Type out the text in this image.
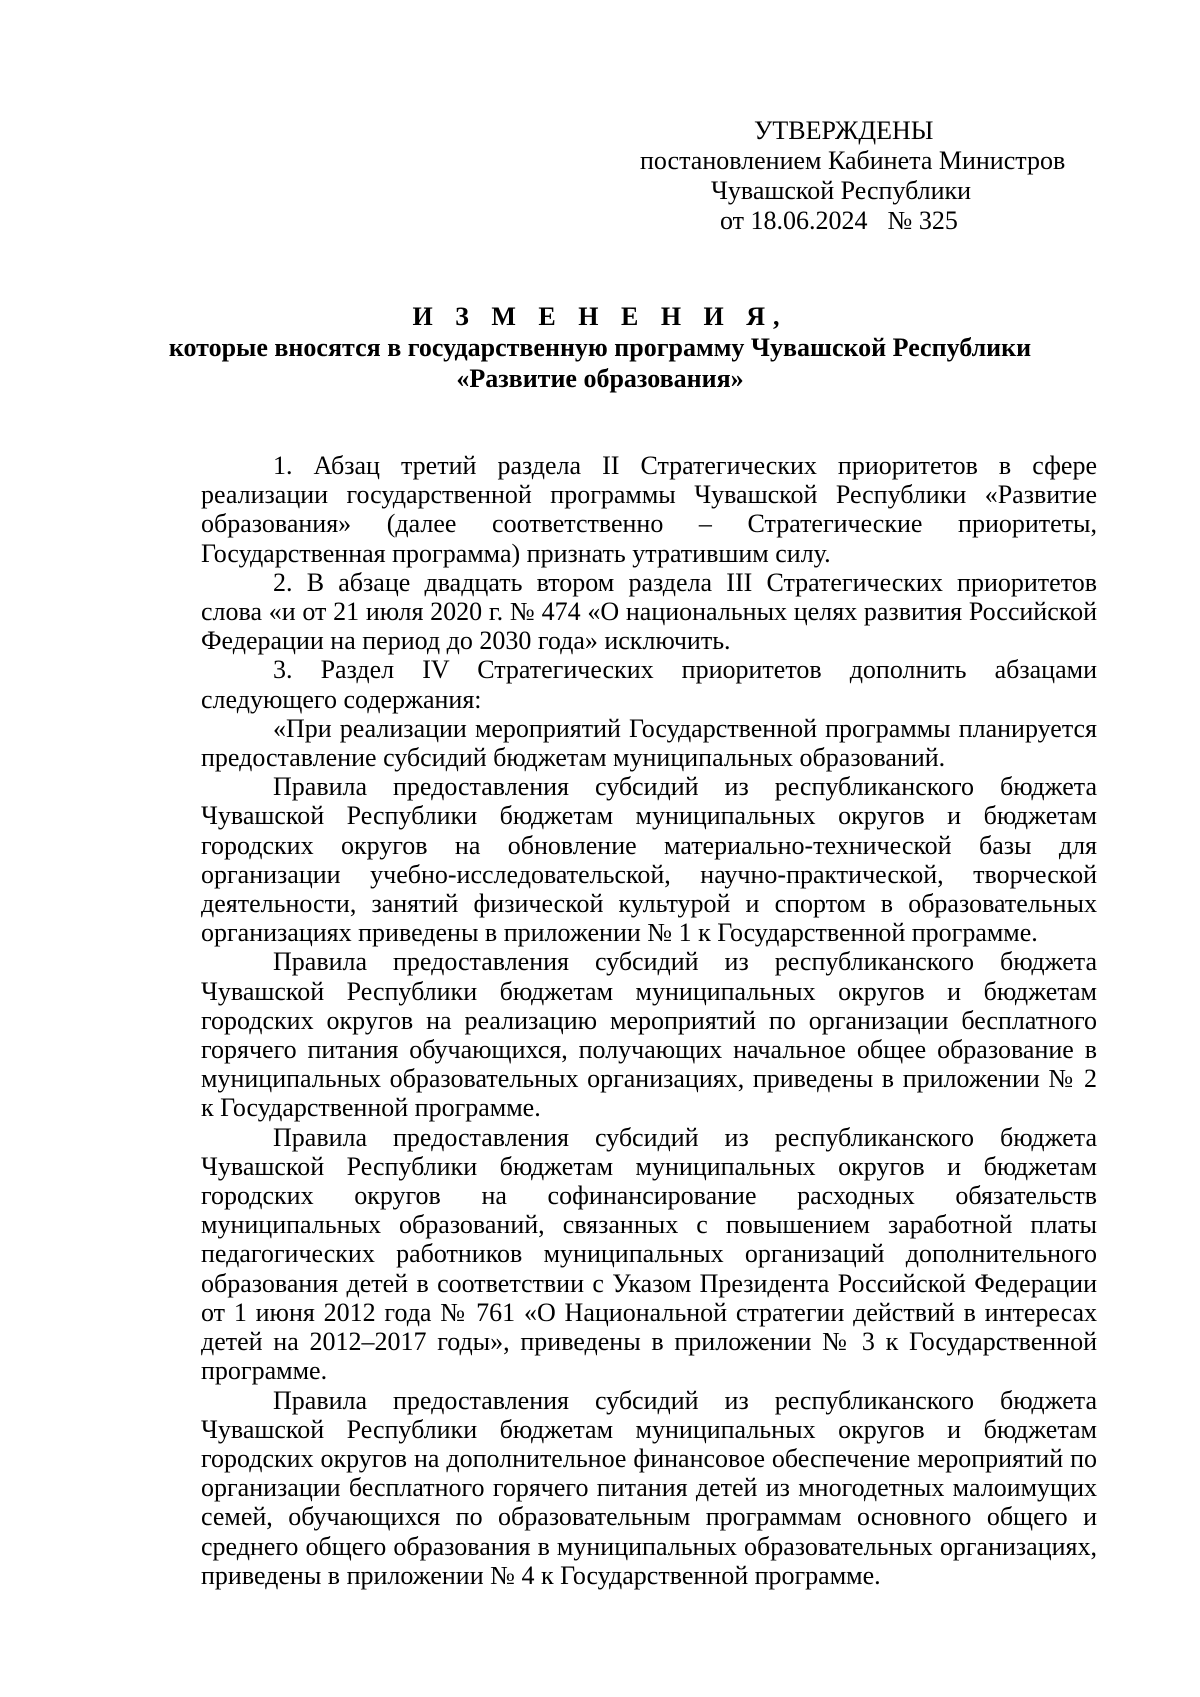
УТВЕРЖДЕНЫ
постановлением Кабинета Министров
Чувашской Республики
от 18.06.2024 № 325
И З М Е Н Е Н И Я,
которые вносятся в государственную программу Чувашской Республики
«Развитие образования»

1. Абзац третий раздела II Стратегических приоритетов в сфере реализации государственной программы Чувашской Республики «Развитие образования» (далее соответственно – Стратегические приоритеты, Государственная программа) признать утратившим силу.

2. В абзаце двадцать втором раздела III Стратегических приоритетов слова «и от 21 июля 2020 г. № 474 «О национальных целях развития Российской Федерации на период до 2030 года» исключить.

3. Раздел IV Стратегических приоритетов дополнить абзацами следующего содержания:

«При реализации мероприятий Государственной программы планируется предоставление субсидий бюджетам муниципальных образований.

Правила предоставления субсидий из республиканского бюджета Чувашской Республики бюджетам муниципальных округов и бюджетам городских округов на обновление материально-технической базы для организации учебно-исследовательской, научно-практической, творческой деятельности, занятий физической культурой и спортом в образовательных организациях приведены в приложении № 1 к Государственной программе.

Правила предоставления субсидий из республиканского бюджета Чувашской Республики бюджетам муниципальных округов и бюджетам городских округов на реализацию мероприятий по организации бесплатного горячего питания обучающихся, получающих начальное общее образование в муниципальных образовательных организациях, приведены в приложении № 2 к Государственной программе.

Правила предоставления субсидий из республиканского бюджета Чувашской Республики бюджетам муниципальных округов и бюджетам городских округов на софинансирование расходных обязательств муниципальных образований, связанных с повышением заработной платы педагогических работников муниципальных организаций дополнительного образования детей в соответствии с Указом Президента Российской Федерации от 1 июня 2012 года № 761 «О Национальной стратегии действий в интересах детей на 2012–2017 годы», приведены в приложении № 3 к Государственной программе.

Правила предоставления субсидий из республиканского бюджета Чувашской Республики бюджетам муниципальных округов и бюджетам городских округов на дополнительное финансовое обеспечение мероприятий по организации бесплатного горячего питания детей из многодетных малоимущих семей, обучающихся по образовательным программам основного общего и среднего общего образования в муниципальных образовательных организациях, приведены в приложении № 4 к Государственной программе.
